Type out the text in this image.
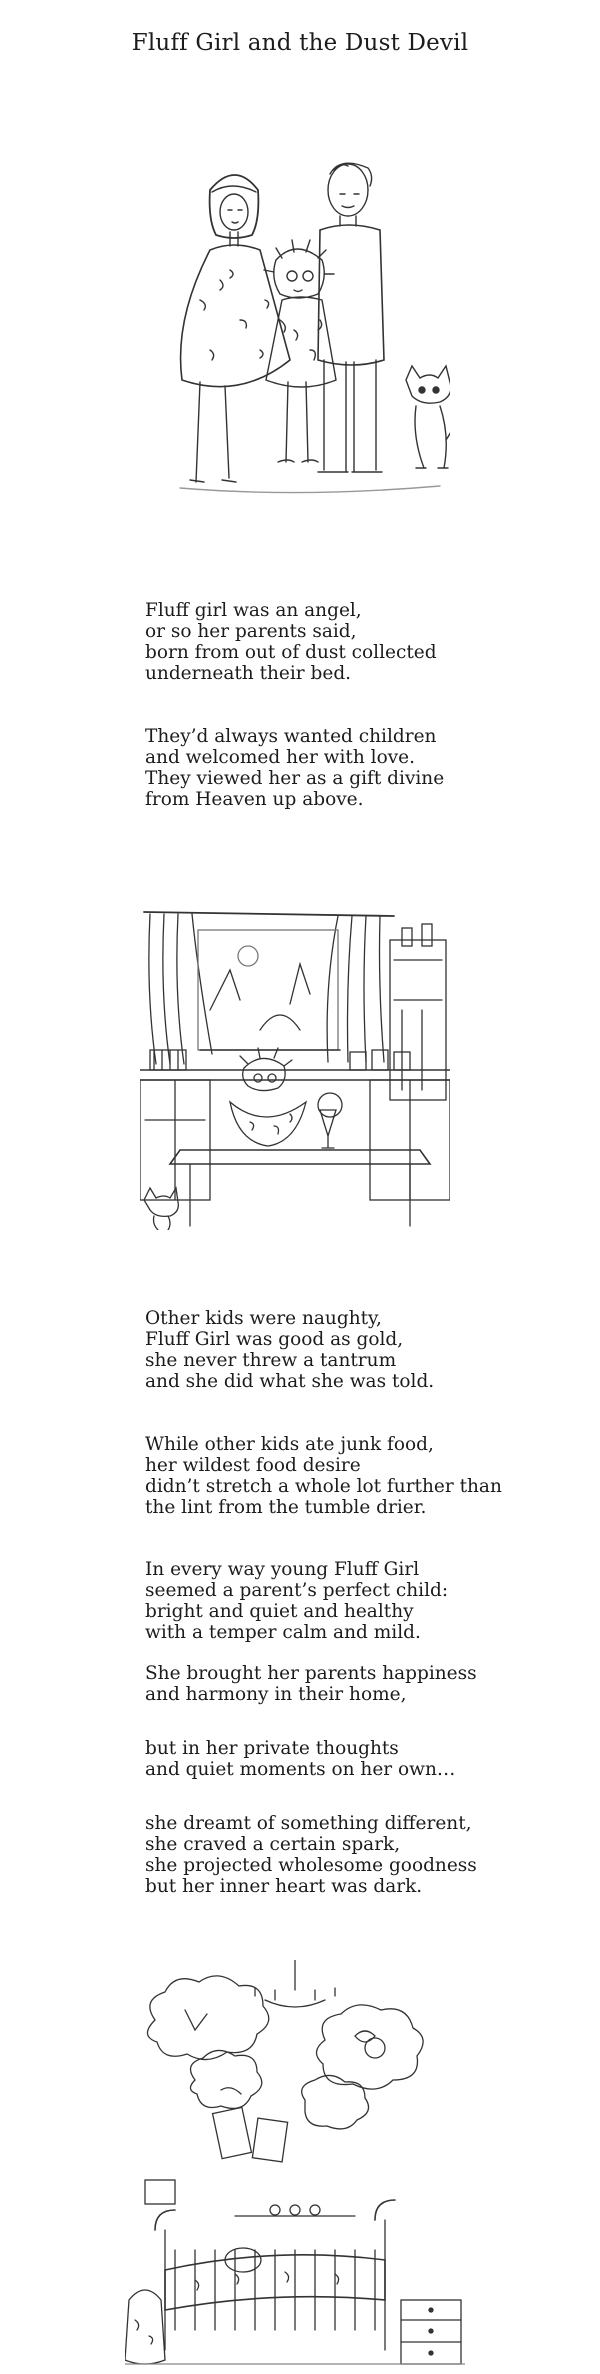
Fluff Girl and the Dust Devil
Fluff girl was an angel,
or so her parents said,
born from out of dust collected
underneath their bed.
They’d always wanted children
and welcomed her with love.
They viewed her as a gift divine
from Heaven up above.
Other kids were naughty,
Fluff Girl was good as gold,
she never threw a tantrum
and she did what she was told.
While other kids ate junk food,
her wildest food desire
didn’t stretch a whole lot further than
the lint from the tumble drier.
In every way young Fluff Girl
seemed a parent’s perfect child:
bright and quiet and healthy
with a temper calm and mild.
She brought her parents happiness
and harmony in their home,
but in her private thoughts
and quiet moments on her own…
she dreamt of something different,
she craved a certain spark,
she projected wholesome goodness
but her inner heart was dark.
